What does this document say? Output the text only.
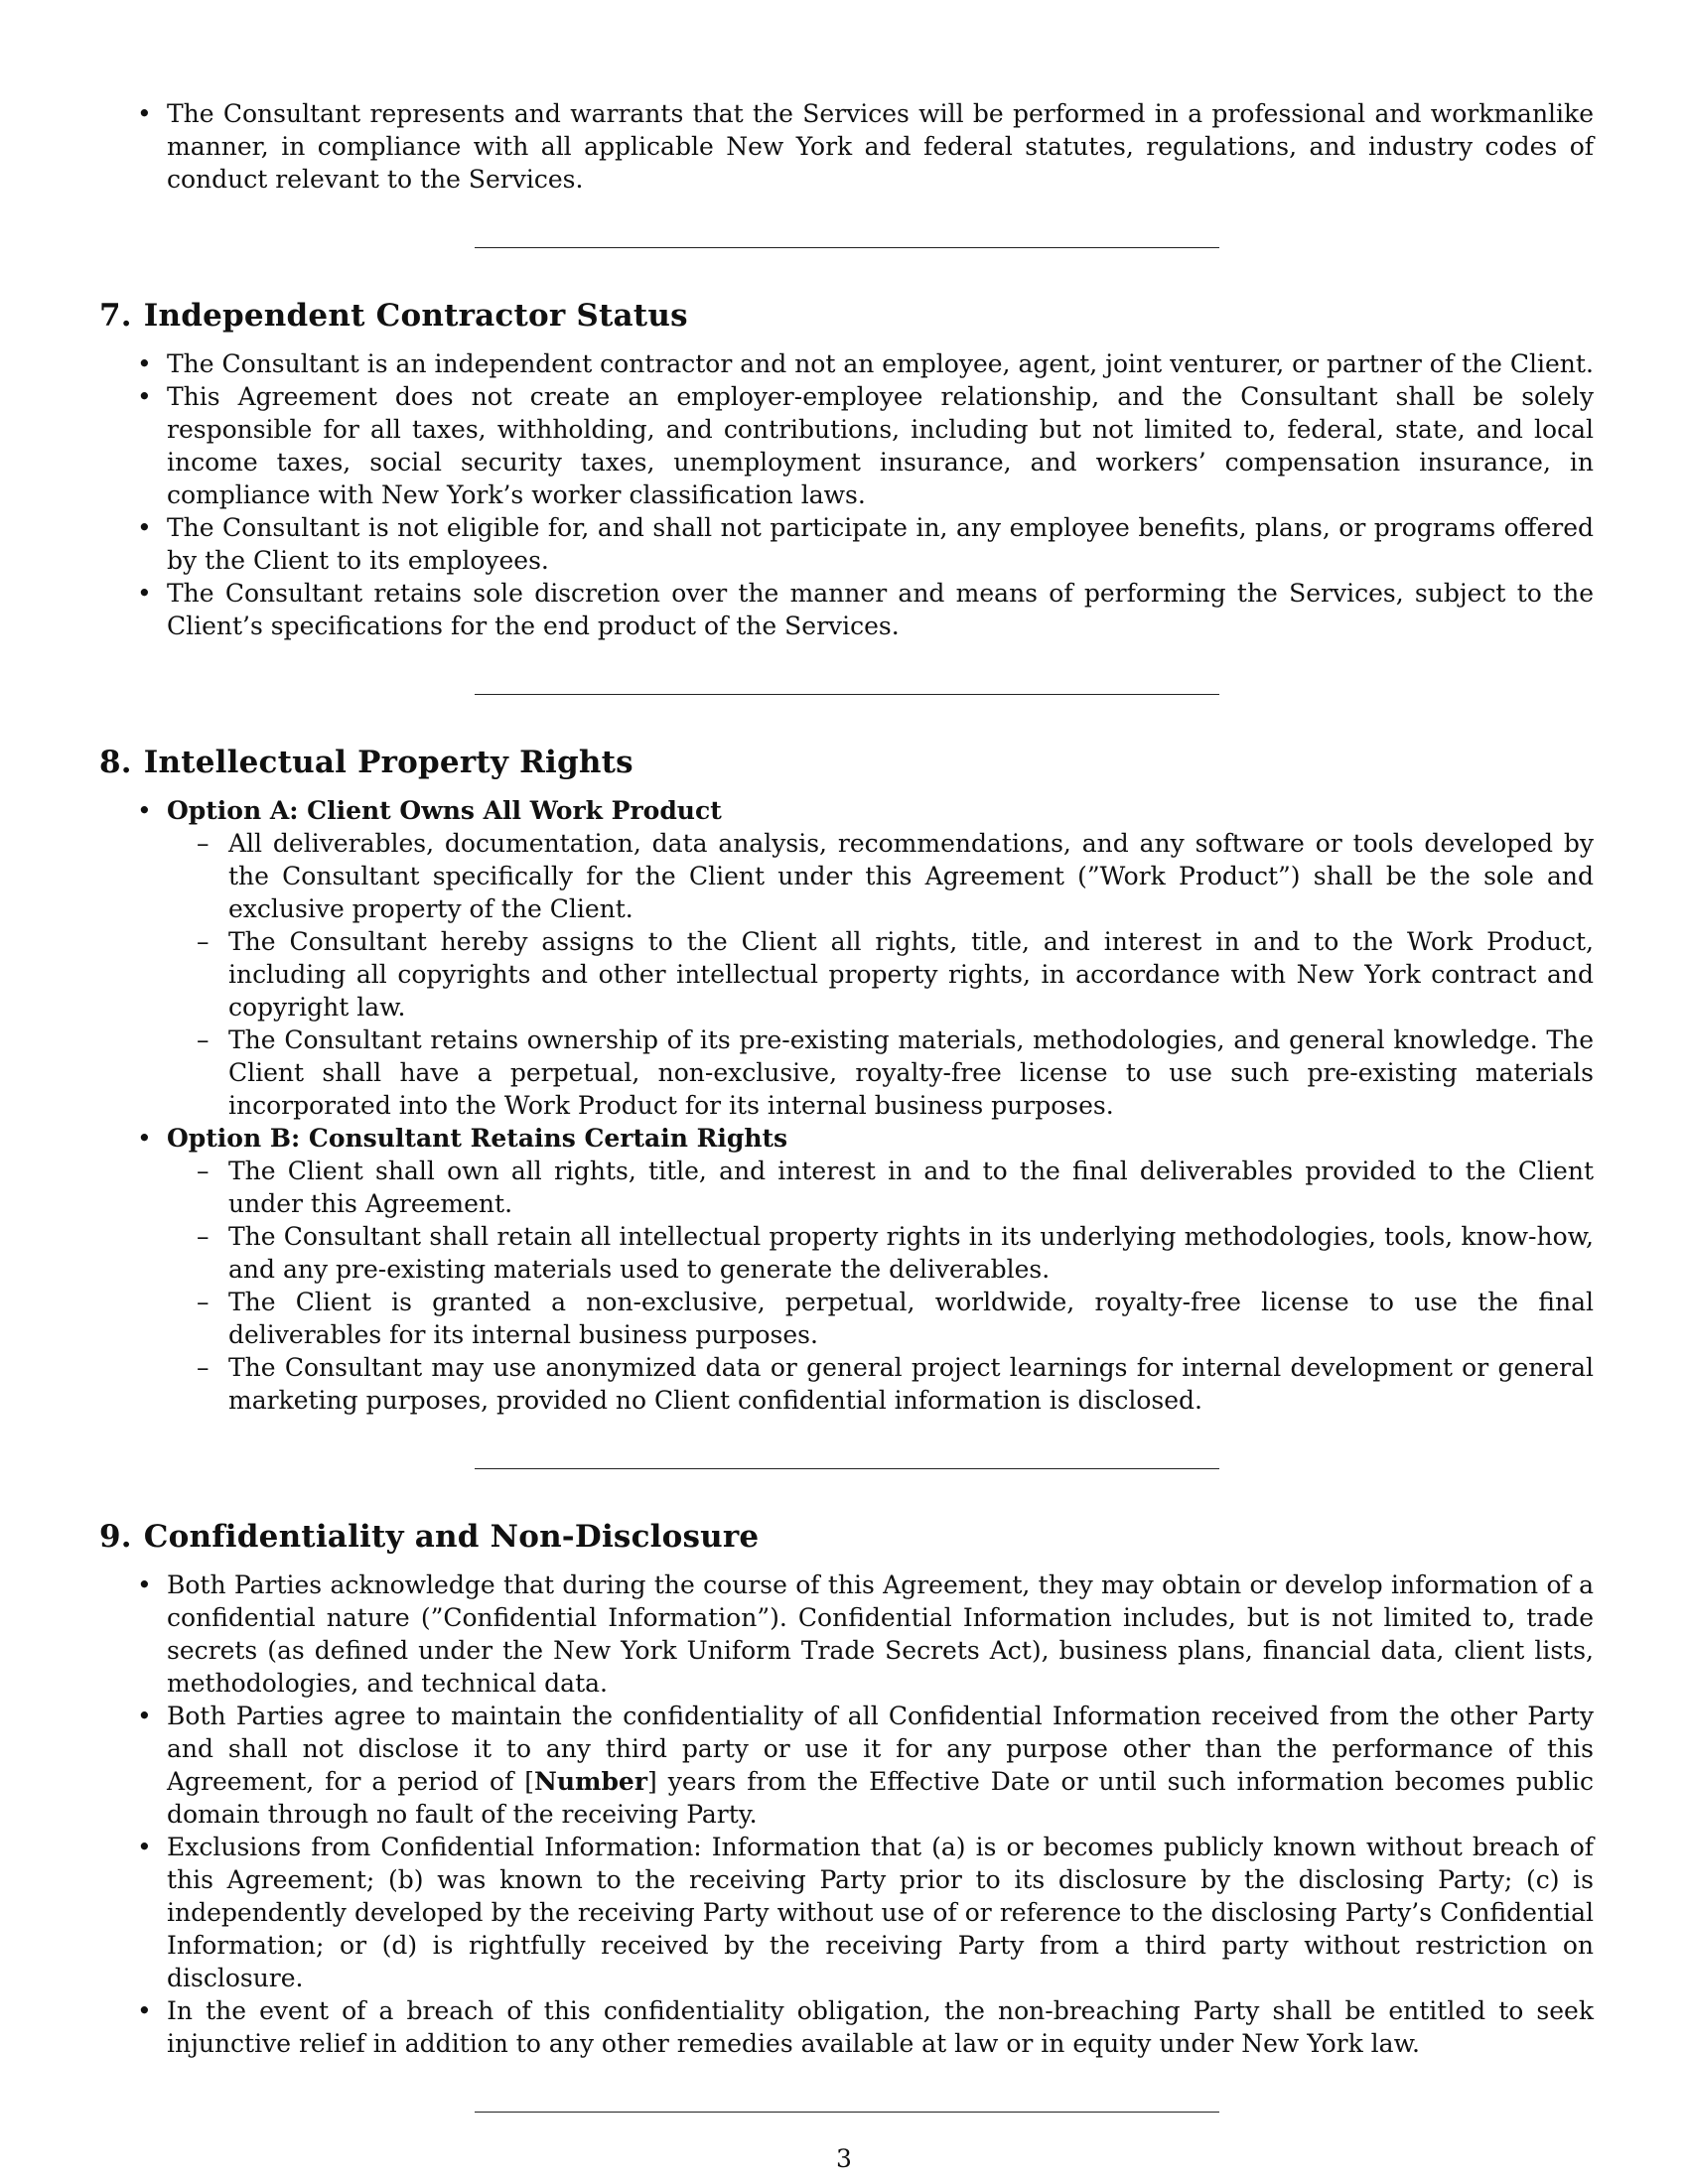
• The Consultant represents and warrants that the Services will be performed in a professional and workmanlike manner, in compliance with all applicable New York and federal statutes, regulations, and industry codes of conduct relevant to the Services.
7. Independent Contractor Status
• The Consultant is an independent contractor and not an employee, agent, joint venturer, or partner of the Client.
• This Agreement does not create an employer-employee relationship, and the Consultant shall be solely responsible for all taxes, withholding, and contributions, including but not limited to, federal, state, and local income taxes, social security taxes, unemployment insurance, and workers’ compensation insurance, in compliance with New York’s worker classification laws.
• The Consultant is not eligible for, and shall not participate in, any employee benefits, plans, or programs offered by the Client to its employees.
• The Consultant retains sole discretion over the manner and means of performing the Services, subject to the Client’s specifications for the end product of the Services.
8. Intellectual Property Rights
• Option A: Client Owns All Work Product
– All deliverables, documentation, data analysis, recommendations, and any software or tools developed by the Consultant specifically for the Client under this Agreement (”Work Product”) shall be the sole and exclusive property of the Client.
– The Consultant hereby assigns to the Client all rights, title, and interest in and to the Work Product, including all copyrights and other intellectual property rights, in accordance with New York contract and copyright law.
– The Consultant retains ownership of its pre-existing materials, methodologies, and general knowledge. The Client shall have a perpetual, non-exclusive, royalty-free license to use such pre-existing materials incorporated into the Work Product for its internal business purposes.
• Option B: Consultant Retains Certain Rights
– The Client shall own all rights, title, and interest in and to the final deliverables provided to the Client under this Agreement.
– The Consultant shall retain all intellectual property rights in its underlying methodologies, tools, know-how, and any pre-existing materials used to generate the deliverables.
– The Client is granted a non-exclusive, perpetual, worldwide, royalty-free license to use the final deliverables for its internal business purposes.
– The Consultant may use anonymized data or general project learnings for internal development or general marketing purposes, provided no Client confidential information is disclosed.
9. Confidentiality and Non-Disclosure
• Both Parties acknowledge that during the course of this Agreement, they may obtain or develop information of a confidential nature (”Confidential Information”). Confidential Information includes, but is not limited to, trade secrets (as defined under the New York Uniform Trade Secrets Act), business plans, financial data, client lists, methodologies, and technical data.
• Both Parties agree to maintain the confidentiality of all Confidential Information received from the other Party and shall not disclose it to any third party or use it for any purpose other than the performance of this Agreement, for a period of [Number] years from the Effective Date or until such information becomes public domain through no fault of the receiving Party.
• Exclusions from Confidential Information: Information that (a) is or becomes publicly known without breach of this Agreement; (b) was known to the receiving Party prior to its disclosure by the disclosing Party; (c) is independently developed by the receiving Party without use of or reference to the disclosing Party’s Confidential Information; or (d) is rightfully received by the receiving Party from a third party without restriction on disclosure.
• In the event of a breach of this confidentiality obligation, the non-breaching Party shall be entitled to seek injunctive relief in addition to any other remedies available at law or in equity under New York law.
3
